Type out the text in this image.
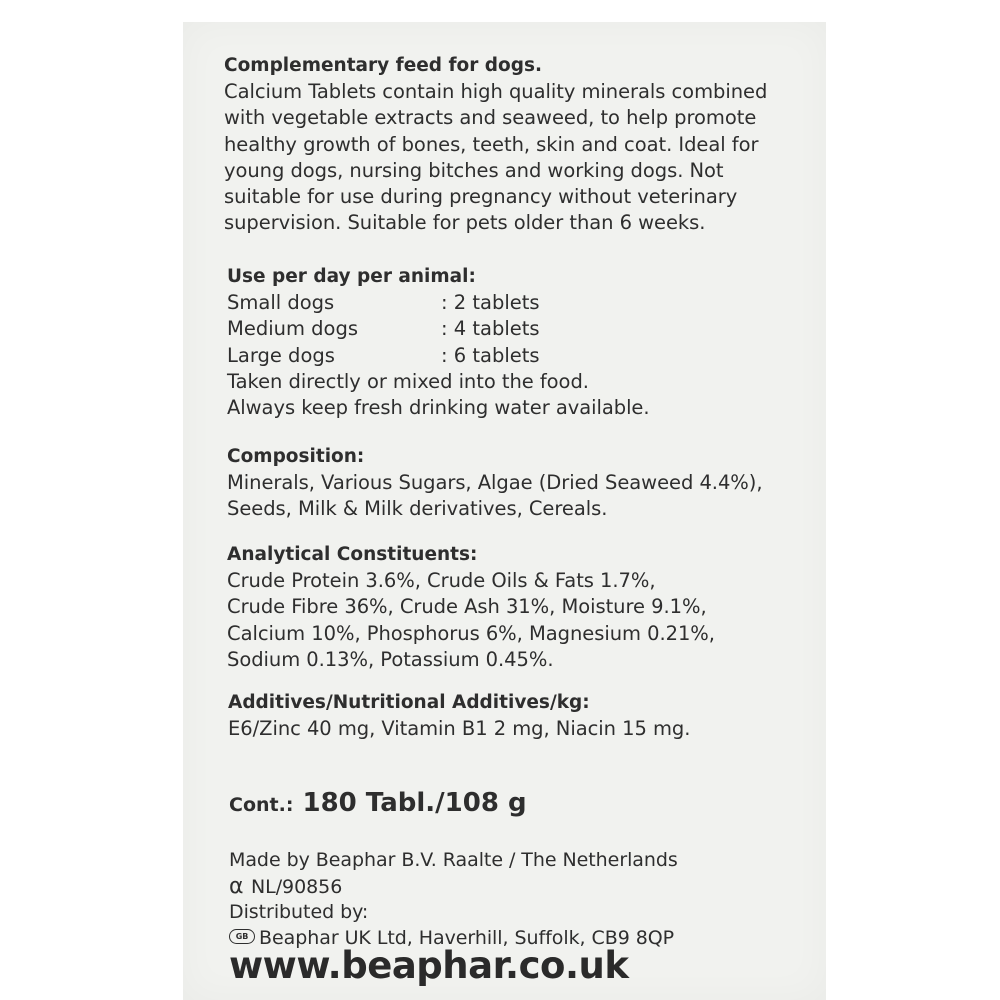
Complementary feed for dogs.
Calcium Tablets contain high quality minerals combined
with vegetable extracts and seaweed, to help promote
healthy growth of bones, teeth, skin and coat. Ideal for
young dogs, nursing bitches and working dogs. Not
suitable for use during pregnancy without veterinary
supervision. Suitable for pets older than 6 weeks.
Use per day per animal:
Small dogs	: 2 tablets
Medium dogs	: 4 tablets
Large dogs	: 6 tablets
Taken directly or mixed into the food.
Always keep fresh drinking water available.
Composition:
Minerals, Various Sugars, Algae (Dried Seaweed 4.4%),
Seeds, Milk & Milk derivatives, Cereals.
Analytical Constituents:
Crude Protein 3.6%, Crude Oils & Fats 1.7%,
Crude Fibre 36%, Crude Ash 31%, Moisture 9.1%,
Calcium 10%, Phosphorus 6%, Magnesium 0.21%,
Sodium 0.13%, Potassium 0.45%.
Additives/Nutritional Additives/kg:
E6/Zinc 40 mg, Vitamin B1 2 mg, Niacin 15 mg.
Cont.: 180 Tabl./108 g
Made by Beaphar B.V. Raalte / The Netherlands
α NL/90856
Distributed by:
GB Beaphar UK Ltd, Haverhill, Suffolk, CB9 8QP
www.beaphar.co.uk
